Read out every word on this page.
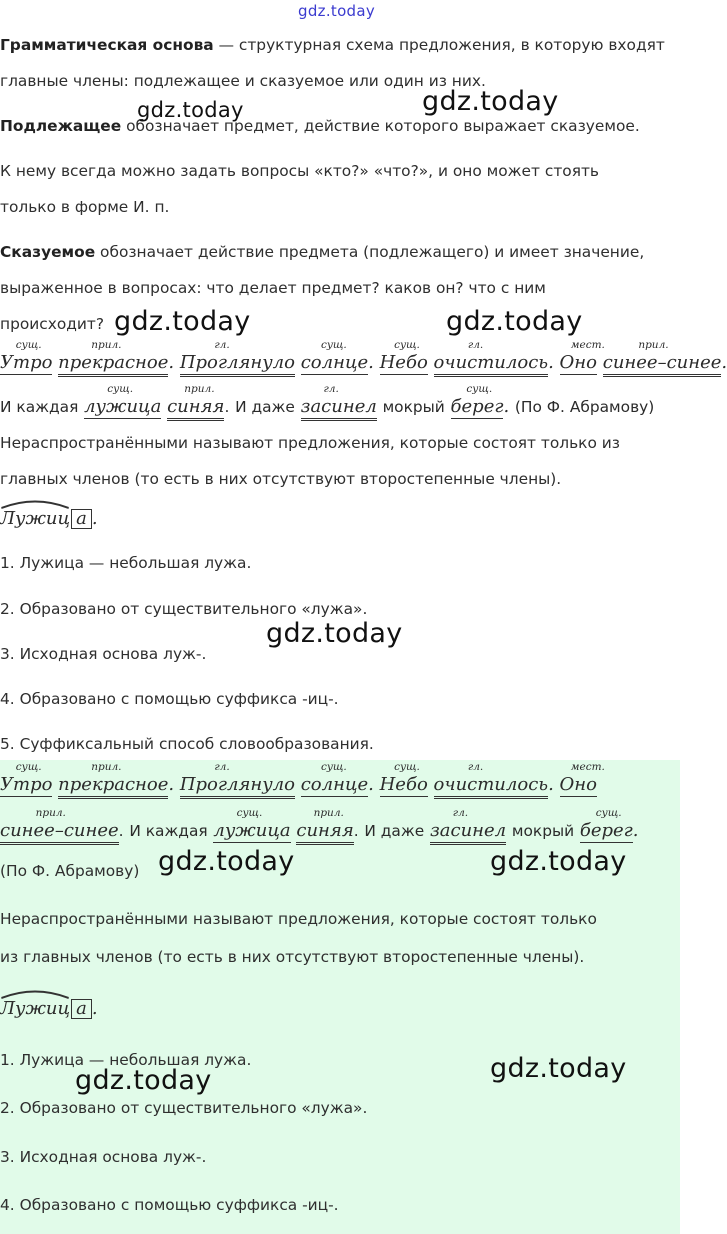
gdz.today

Грамматическая основа — структурная схема предложения, в которую входят

главные члены: подлежащее и сказуемое или один из них.

Подлежащее обозначает предмет, действие которого выражает сказуемое.

К нему всегда можно задать вопросы «кто?» «что?», и оно может стоять

только в форме И. п.

Сказуемое обозначает действие предмета (подлежащего) и имеет значение,

выраженное в вопросах: что делает предмет? каков он? что с ним

происходит?

сущ.
Утро
прил.
прекрасное.
гл.
Проглянуло
сущ.
солнце.
сущ.
Небо
гл.
очистилось.
мест.
Оно
прил.
синее–синее.
И каждая
сущ.
лужица
прил.
синяя. И даже
гл.
засинел мокрый
сущ.
берег. (По Ф. Абрамову)

Нераспространёнными называют предложения, которые состоят только из

главных членов (то есть в них отсутствуют второстепенные члены).

Лужиц а .

1. Лужица — небольшая лужа.

2. Образовано от существительного «лужа».

3. Исходная основа луж-.

4. Образовано с помощью суффикса -иц-.

5. Суффиксальный способ словообразования.

сущ.
Утро
прил.
прекрасное.
гл.
Проглянуло
сущ.
солнце.
сущ.
Небо
гл.
очистилось.
мест.
Оно
прил.
синее–синее. И каждая
сущ.
лужица
прил.
синяя. И даже
гл.
засинел мокрый
сущ.
берег.

(По Ф. Абрамову)

Нераспространёнными называют предложения, которые состоят только

из главных членов (то есть в них отсутствуют второстепенные члены).

Лужиц а .

1. Лужица — небольшая лужа.

2. Образовано от существительного «лужа».

3. Исходная основа луж-.

4. Образовано с помощью суффикса -иц-.

gdz.today	gdz.today
gdz.today	gdz.today
gdz.today
gdz.today	gdz.today
gdz.today	gdz.today
